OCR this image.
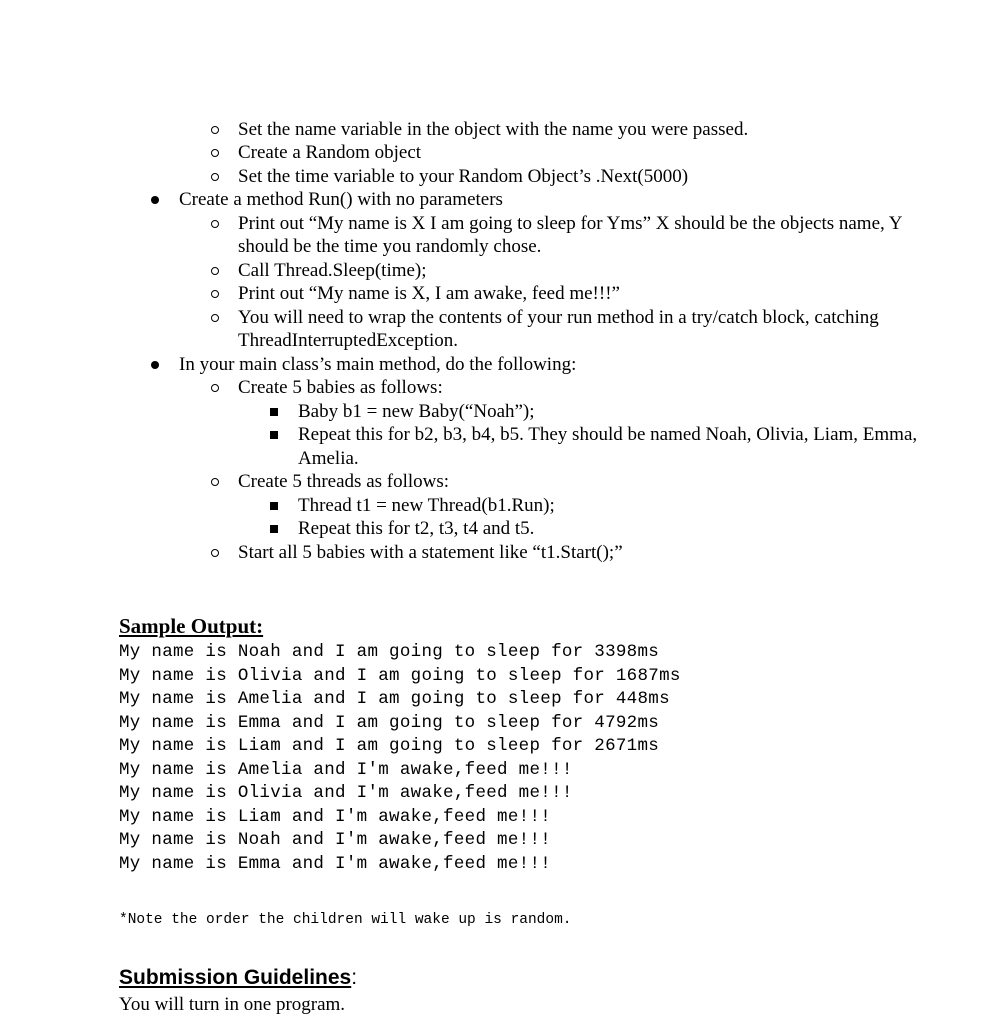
Set the name variable in the object with the name you were passed.
Create a Random object
Set the time variable to your Random Object’s .Next(5000)
Create a method Run() with no parameters
Print out “My name is X I am going to sleep for Yms” X should be the objects name, Y
should be the time you randomly chose.
Call Thread.Sleep(time);
Print out “My name is X, I am awake, feed me!!!”
You will need to wrap the contents of your run method in a try/catch block, catching
ThreadInterruptedException.
In your main class’s main method, do the following:
Create 5 babies as follows:
Baby b1 = new Baby(“Noah”);
Repeat this for b2, b3, b4, b5. They should be named Noah, Olivia, Liam, Emma,
Amelia.
Create 5 threads as follows:
Thread t1 = new Thread(b1.Run);
Repeat this for t2, t3, t4 and t5.
Start all 5 babies with a statement like “t1.Start();”
Sample Output:
My name is Noah and I am going to sleep for 3398ms
My name is Olivia and I am going to sleep for 1687ms
My name is Amelia and I am going to sleep for 448ms
My name is Emma and I am going to sleep for 4792ms
My name is Liam and I am going to sleep for 2671ms
My name is Amelia and I'm awake,feed me!!!
My name is Olivia and I'm awake,feed me!!!
My name is Liam and I'm awake,feed me!!!
My name is Noah and I'm awake,feed me!!!
My name is Emma and I'm awake,feed me!!!
*Note the order the children will wake up is random.
Submission Guidelines:
You will turn in one program.
